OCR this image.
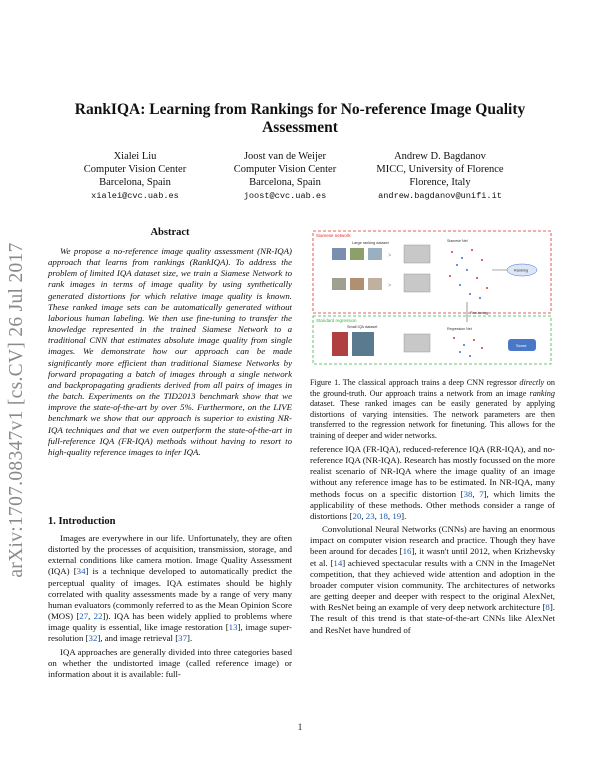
arXiv:1707.08347v1 [cs.CV] 26 Jul 2017
RankIQA: Learning from Rankings for No-reference Image Quality Assessment
Xialei Liu
Computer Vision Center
Barcelona, Spain
xialei@cvc.uab.es
Joost van de Weijer
Computer Vision Center
Barcelona, Spain
joost@cvc.uab.es
Andrew D. Bagdanov
MICC, University of Florence
Florence, Italy
andrew.bagdanov@unifi.it
Abstract

We propose a no-reference image quality assessment (NR-IQA) approach that learns from rankings (RankIQA). To address the problem of limited IQA dataset size, we train a Siamese Network to rank images in terms of image quality by using synthetically generated distortions for which relative image quality is known. These ranked image sets can be automatically generated without laborious human labeling. We then use fine-tuning to transfer the knowledge represented in the trained Siamese Network to a traditional CNN that estimates absolute image quality from single images. We demonstrate how our approach can be made significantly more efficient than traditional Siamese Networks by forward propagating a batch of images through a single network and backpropagating gradients derived from all pairs of images in the batch. Experiments on the TID2013 benchmark show that we improve the state-of-the-art by over 5%. Furthermore, on the LIVE benchmark we show that our approach is superior to existing NR-IQA techniques and that we even outperform the state-of-the-art in full-reference IQA (FR-IQA) methods without having to resort to high-quality reference images to infer IQA.

1. Introduction

Images are everywhere in our life. Unfortunately, they are often distorted by the processes of acquisition, transmission, storage, and external conditions like camera motion. Image Quality Assessment (IQA) [34] is a technique developed to automatically predict the perceptual quality of images. IQA estimates should be highly correlated with quality assessments made by a range of very many human evaluators (commonly referred to as the Mean Opinion Score (MOS) [27, 22]). IQA has been widely applied to problems where image quality is essential, like image restoration [13], image super-resolution [32], and image retrieval [37].

IQA approaches are generally divided into three categories based on whether the undistorted image (called reference image) or information about it is available: full-

Siamese network
Large ranking dataset
>
>
Siamese Net
Ranking
Fine-tuning
Standard regression
Small IQA dataset	Regression Net
Score
Figure 1. The classical approach trains a deep CNN regressor directly on the ground-truth. Our approach trains a network from an image ranking dataset. These ranked images can be easily generated by applying distortions of varying intensities. The network parameters are then transferred to the regression network for finetuning. This allows for the training of deeper and wider networks.

reference IQA (FR-IQA), reduced-reference IQA (RR-IQA), and no-reference IQA (NR-IQA). Research has mostly focussed on the more realist scenario of NR-IQA where the image quality of an image without any reference image has to be estimated. In NR-IQA, many methods focus on a specific distortion [38, 7], which limits the applicability of these methods. Other methods consider a range of distortions [20, 23, 18, 19].

Convolutional Neural Networks (CNNs) are having an enormous impact on computer vision research and practice. Though they have been around for decades [16], it wasn't until 2012, when Krizhevsky et al. [14] achieved spectacular results with a CNN in the ImageNet competition, that they achieved wide attention and adoption in the broader computer vision community. The architectures of networks are getting deeper and deeper with respect to the original AlexNet, with ResNet being an example of very deep network architecture [8]. The result of this trend is that state-of-the-art CNNs like AlexNet and ResNet have hundred of

1
